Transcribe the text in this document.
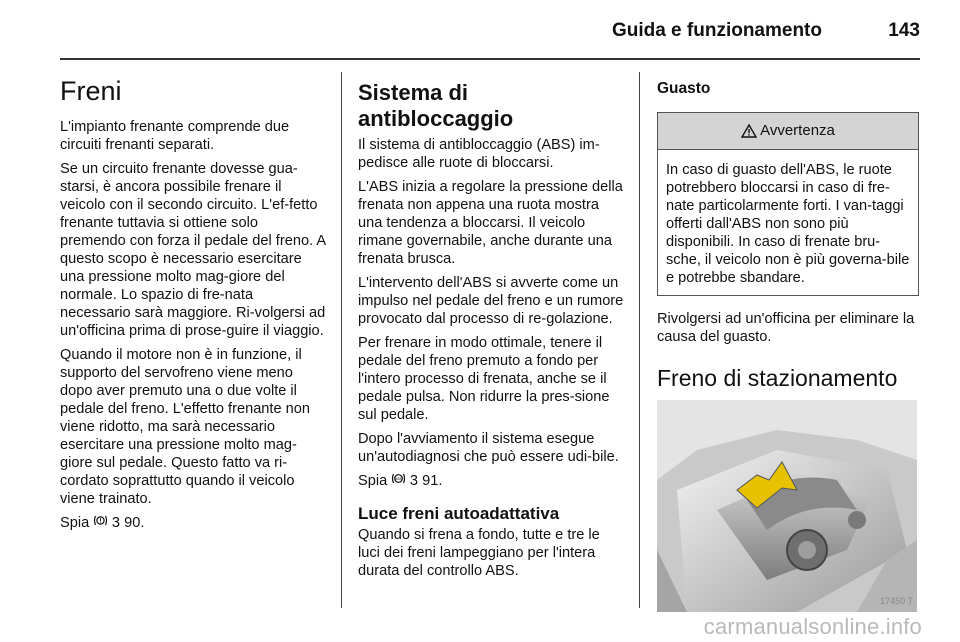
Guida e funzionamento	143
Freni

L'impianto frenante comprende due circuiti frenanti separati.

Se un circuito frenante dovesse gua-starsi, è ancora possibile frenare il veicolo con il secondo circuito. L'ef-fetto frenante tuttavia si ottiene solo premendo con forza il pedale del freno. A questo scopo è necessario esercitare una pressione molto mag-giore del normale. Lo spazio di fre-nata necessario sarà maggiore. Ri-volgersi ad un'officina prima di prose-guire il viaggio.

Quando il motore non è in funzione, il supporto del servofreno viene meno dopo aver premuto una o due volte il pedale del freno. L'effetto frenante non viene ridotto, ma sarà necessario esercitare una pressione molto mag-giore sul pedale. Questo fatto va ri-cordato soprattutto quando il veicolo viene trainato.

Spia 3 90.

Sistema di antibloccaggio

Il sistema di antibloccaggio (ABS) im-pedisce alle ruote di bloccarsi.

L'ABS inizia a regolare la pressione della frenata non appena una ruota mostra una tendenza a bloccarsi. Il veicolo rimane governabile, anche durante una frenata brusca.

L'intervento dell'ABS si avverte come un impulso nel pedale del freno e un rumore provocato dal processo di re-golazione.

Per frenare in modo ottimale, tenere il pedale del freno premuto a fondo per l'intero processo di frenata, anche se il pedale pulsa. Non ridurre la pres-sione sul pedale.

Dopo l'avviamento il sistema esegue un'autodiagnosi che può essere udi-bile.

Spia ABS 3 91.

Luce freni autoadattativa

Quando si frena a fondo, tutte e tre le luci dei freni lampeggiano per l'intera durata del controllo ABS.

Guasto
Avvertenza
In caso di guasto dell'ABS, le ruote potrebbero bloccarsi in caso di fre-nate particolarmente forti. I van-taggi offerti dall'ABS non sono più disponibili. In caso di frenate bru-sche, il veicolo non è più governa-bile e potrebbe sbandare.

Rivolgersi ad un'officina per eliminare la causa del guasto.

Freno di stazionamento
17450 T
carmanualsonline.info
